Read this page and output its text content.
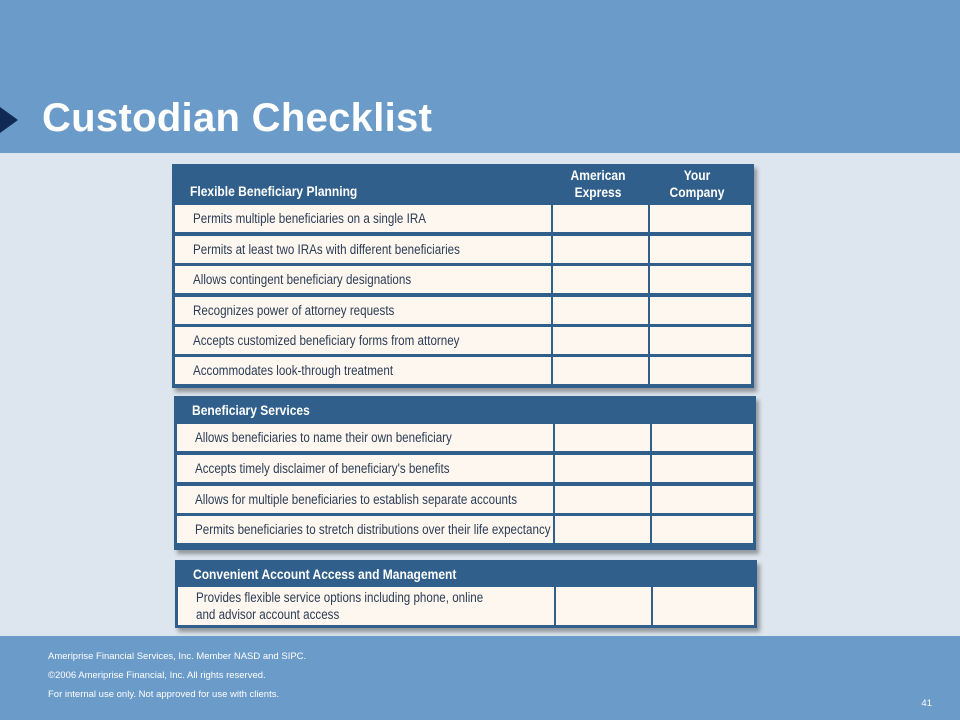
Custodian Checklist
Flexible Beneficiary Planning
American
Express
Your
Company
Permits multiple beneficiaries on a single IRA
Permits at least two IRAs with different beneficiaries
Allows contingent beneficiary designations
Recognizes power of attorney requests
Accepts customized beneficiary forms from attorney
Accommodates look-through treatment
Beneficiary Services
Allows beneficiaries to name their own beneficiary
Accepts timely disclaimer of beneficiary's benefits
Allows for multiple beneficiaries to establish separate accounts
Permits beneficiaries to stretch distributions over their life expectancy
Convenient Account Access and Management
Provides flexible service options including phone, online and advisor account access
Ameriprise Financial Services, Inc. Member NASD and SIPC.
©2006 Ameriprise Financial, Inc. All rights reserved.
For internal use only. Not approved for use with clients.
41
